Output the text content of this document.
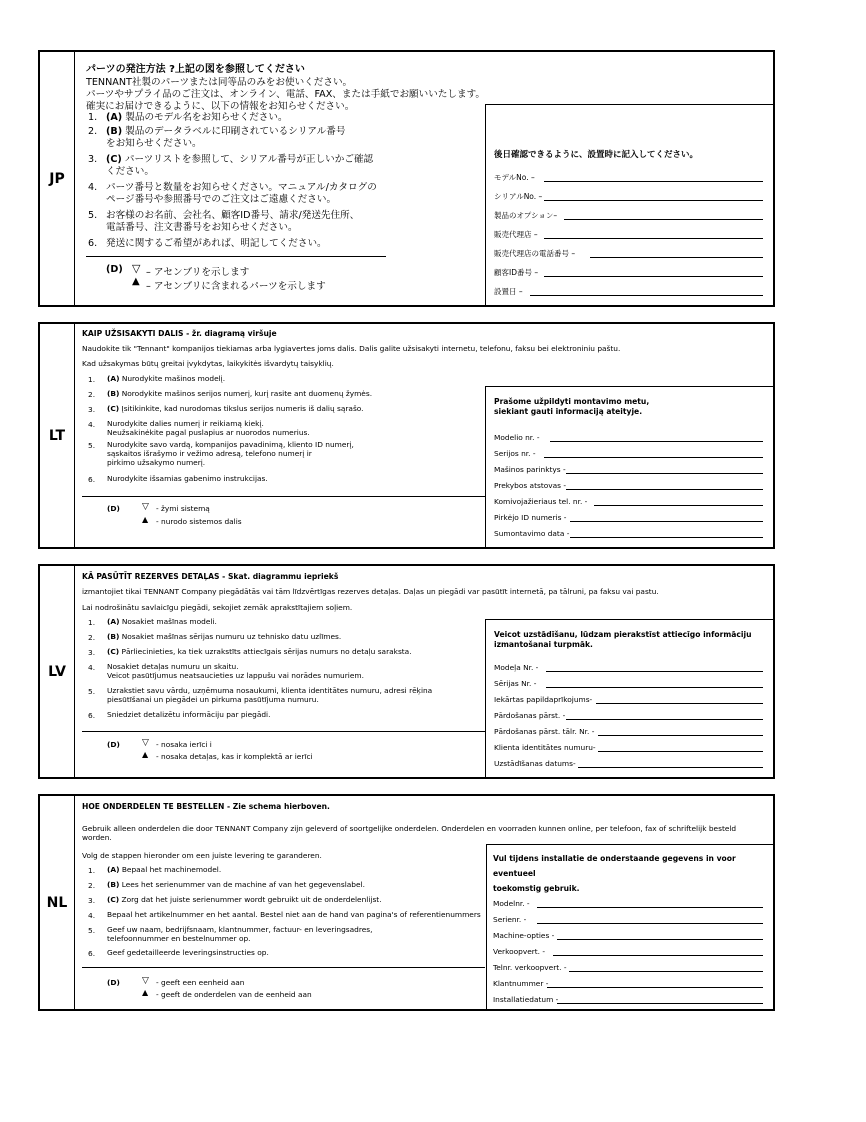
JP
パーツの発注方法 ?上記の図を参照してください
TENNANT社製のパーツまたは同等品のみをお使いください。
パーツやサプライ品のご注文は、オンライン、電話、FAX、または手紙でお願いいたします。
確実にお届けできるように、以下の情報をお知らせください。
1. (A) 製品のモデル名をお知らせください。
2. (B) 製品のデータラベルに印刷されているシリアル番号
をお知らせください。
3. (C) パーツリストを参照して、シリアル番号が正しいかご確認
ください。
4. パーツ番号と数量をお知らせください。マニュアル/カタログの
ページ番号や参照番号でのご注文はご遠慮ください。
5. お客様のお名前、会社名、顧客ID番号、請求/発送先住所、
電話番号、注文書番号をお知らせください。
6. 発送に関するご希望があれば、明記してください。
(D) ▽ – アセンブリを示します
▲ – アセンブリに含まれるパーツを示します
後日確認できるように、設置時に記入してください。
モデルNo. –
シリアルNo. –
製品のオプション–
販売代理店 –
販売代理店の電話番号 –
顧客ID番号 –
設置日 –
LT
KAIP UŽSISAKYTI DALIS - žr. diagramą viršuje
Naudokite tik "Tennant" kompanijos tiekiamas arba lygiavertes joms dalis. Dalis galite užsisakyti internetu, telefonu, faksu bei elektroniniu paštu.
Kad užsakymas būtų greitai įvykdytas, laikykitės išvardytų taisyklių.
1. (A) Nurodykite mašinos modelį.
2. (B) Norodykite mašinos serijos numerį, kurį rasite ant duomenų žymės.
3. (C) Įsitikinkite, kad nurodomas tikslus serijos numeris iš dalių sąrašo.
4. Nurodykite dalies numerį ir reikiamą kiekį.
Neužsakinėkite pagal puslapius ar nuorodos numerius.
5. Nurodykite savo vardą, kompanijos pavadinimą, kliento ID numerį,
sąskaitos išrašymo ir vežimo adresą, telefono numerį ir
pirkimo užsakymo numerį.
6. Nurodykite išsamias gabenimo instrukcijas.
(D) ▽ - žymi sistemą
▲ - nurodo sistemos dalis
Prašome užpildyti montavimo metu,
siekiant gauti informaciją ateityje.
Modelio nr. -
Serijos nr. -
Mašinos parinktys -
Prekybos atstovas -
Komivojažieriaus tel. nr. -
Pirkėjo ID numeris -
Sumontavimo data -
LV
KĀ PASŪTĪT REZERVES DETAĻAS - Skat. diagrammu iepriekš
izmantojiet tikai TENNANT Company piegādātās vai tām līdzvērtīgas rezerves detaļas. Daļas un piegādi var pasūtīt internetā, pa tālruni, pa faksu vai pastu.
Lai nodrošinātu savlaicīgu piegādi, sekojiet zemāk aprakstītajiem soļiem.
1. (A) Nosakiet mašīnas modeli.
2. (B) Nosakiet mašīnas sērijas numuru uz tehnisko datu uzlīmes.
3. (C) Pārliecinieties, ka tiek uzrakstīts attiecīgais sērijas numurs no detaļu saraksta.
4. Nosakiet detaļas numuru un skaitu.
Veicot pasūtījumus neatsaucieties uz lappušu vai norādes numuriem.
5. Uzrakstiet savu vārdu, uzņēmuma nosaukumi, klienta identitātes numuru, adresi rēķina
piesūtīšanai un piegādei un pirkuma pasūtījuma numuru.
6. Sniedziet detalizētu informāciju par piegādi.
(D) ▽ - nosaka ierīci i
▲ - nosaka detaļas, kas ir komplektā ar ierīci
Veicot uzstādīšanu, lūdzam pierakstīst attiecīgo informāciju
izmantošanai turpmāk.
Modeļa Nr. -
Sērijas Nr. -
Iekārtas papildaprīkojums-
Pārdošanas pārst. -
Pārdošanas pārst. tālr. Nr. -
Klienta identitātes numuru-
Uzstādīšanas datums-
NL
HOE ONDERDELEN TE BESTELLEN - Zie schema hierboven.
Gebruik alleen onderdelen die door TENNANT Company zijn geleverd of soortgelijke onderdelen. Onderdelen en voorraden kunnen online, per telefoon, fax of schriftelijk besteld
worden.
Volg de stappen hieronder om een juiste levering te garanderen.
1. (A) Bepaal het machinemodel.
2. (B) Lees het serienummer van de machine af van het gegevenslabel.
3. (C) Zorg dat het juiste serienummer wordt gebruikt uit de onderdelenlijst.
4. Bepaal het artikelnummer en het aantal. Bestel niet aan de hand van pagina's of referentienummers
5. Geef uw naam, bedrijfsnaam, klantnummer, factuur- en leveringsadres,
telefoonnummer en bestelnummer op.
6. Geef gedetailleerde leveringsinstructies op.
(D) ▽ - geeft een eenheid aan
▲ - geeft de onderdelen van de eenheid aan
Vul tijdens installatie de onderstaande gegevens in voor eventueel
toekomstig gebruik.
Modelnr. -
Serienr. -
Machine-opties -
Verkoopvert. -
Telnr. verkoopvert. -
Klantnummer -
Installatiedatum -
